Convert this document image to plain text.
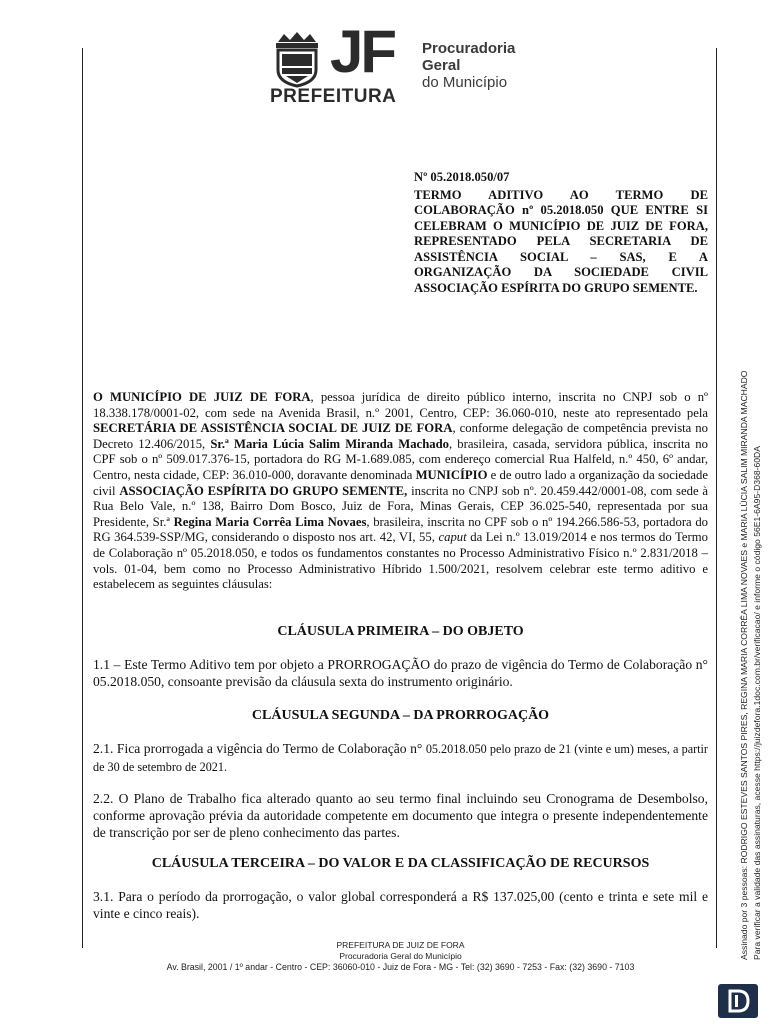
JF
PREFEITURA
Procuradoria
Geral
do Município
Nº 05.2018.050/07
TERMO ADITIVO AO TERMO DE COLABORAÇÃO nº 05.2018.050 QUE ENTRE SI CELEBRAM O MUNICÍPIO DE JUIZ DE FORA, REPRESENTADO PELA SECRETARIA DE ASSISTÊNCIA SOCIAL – SAS, E A ORGANIZAÇÃO DA SOCIEDADE CIVIL ASSOCIAÇÃO ESPÍRITA DO GRUPO SEMENTE.

O MUNICÍPIO DE JUIZ DE FORA, pessoa jurídica de direito público interno, inscrita no CNPJ sob o nº 18.338.178/0001-02, com sede na Avenida Brasil, n.º 2001, Centro, CEP: 36.060-010, neste ato representado pela SECRETÁRIA DE ASSISTÊNCIA SOCIAL DE JUIZ DE FORA, conforme delegação de competência prevista no Decreto 12.406/2015, Sr.ª Maria Lúcia Salim Miranda Machado, brasileira, casada, servidora pública, inscrita no CPF sob o nº 509.017.376-15, portadora do RG M-1.689.085, com endereço comercial Rua Halfeld, n.º 450, 6º andar, Centro, nesta cidade, CEP: 36.010-000, doravante denominada MUNICÍPIO e de outro lado a organização da sociedade civil ASSOCIAÇÃO ESPÍRITA DO GRUPO SEMENTE, inscrita no CNPJ sob nº. 20.459.442/0001-08, com sede à Rua Belo Vale, n.º 138, Bairro Dom Bosco, Juiz de Fora, Minas Gerais, CEP 36.025-540, representada por sua Presidente, Sr.ª Regina Maria Corrêa Lima Novaes, brasileira, inscrita no CPF sob o nº 194.266.586-53, portadora do RG 364.539-SSP/MG, considerando o disposto nos art. 42, VI, 55, caput da Lei n.º 13.019/2014 e nos termos do Termo de Colaboração nº 05.2018.050, e todos os fundamentos constantes no Processo Administrativo Físico n.º 2.831/2018 – vols. 01-04, bem como no Processo Administrativo Híbrido 1.500/2021, resolvem celebrar este termo aditivo e estabelecem as seguintes cláusulas:

CLÁUSULA PRIMEIRA – DO OBJETO

1.1 – Este Termo Aditivo tem por objeto a PRORROGAÇÃO do prazo de vigência do Termo de Colaboração n° 05.2018.050, consoante previsão da cláusula sexta do instrumento originário.

CLÁUSULA SEGUNDA – DA PRORROGAÇÃO

2.1. Fica prorrogada a vigência do Termo de Colaboração n° 05.2018.050 pelo prazo de 21 (vinte e um) meses, a partir de 30 de setembro de 2021.

2.2. O Plano de Trabalho fica alterado quanto ao seu termo final incluindo seu Cronograma de Desembolso, conforme aprovação prévia da autoridade competente em documento que integra o presente independentemente de transcrição por ser de pleno conhecimento das partes.

CLÁUSULA TERCEIRA – DO VALOR E DA CLASSIFICAÇÃO DE RECURSOS

3.1. Para o período da prorrogação, o valor global corresponderá a R$ 137.025,00 (cento e trinta e sete mil e vinte e cinco reais).

PREFEITURA DE JUIZ DE FORA
Procuradoria Geral do Município
Av. Brasil, 2001 / 1º andar - Centro - CEP: 36060-010 - Juiz de Fora - MG - Tel: (32) 3690 - 7253 - Fax: (32) 3690 - 7103
Assinado por 3 pessoas: RODRIGO ESTEVES SANTOS PIRES, REGINA MARIA CORRÊA LIMA NOVAES e MARIA LÚCIA SALIM MIRANDA MACHADO Para verificar a validade das assinaturas, acesse https://juizdefora.1doc.com.br/verificacao/ e informe o código 56E1-6A95-D368-60DA
